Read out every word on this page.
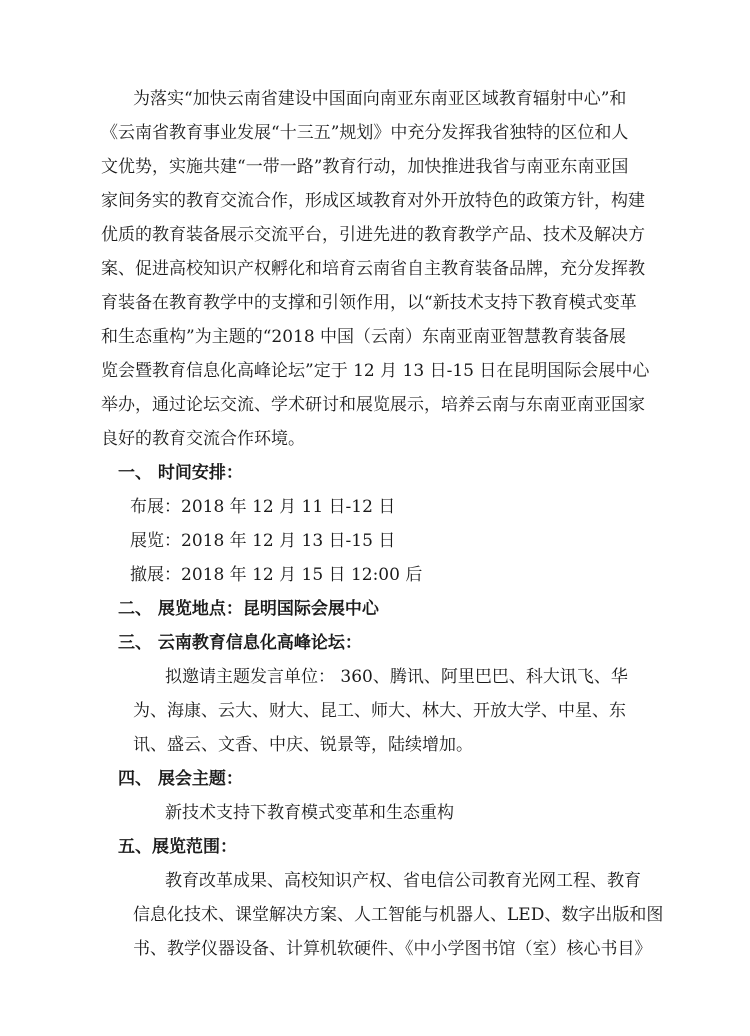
为落实“加快云南省建设中国面向南亚东南亚区域教育辐射中心”和
《云南省教育事业发展“十三五”规划》中充分发挥我省独特的区位和人
文优势，实施共建“一带一路”教育行动，加快推进我省与南亚东南亚国
家间务实的教育交流合作，形成区域教育对外开放特色的政策方针，构建
优质的教育装备展示交流平台，引进先进的教育教学产品、技术及解决方
案、促进高校知识产权孵化和培育云南省自主教育装备品牌，充分发挥教
育装备在教育教学中的支撑和引领作用，以“新技术支持下教育模式变革
和生态重构”为主题的“2018 中国（云南）东南亚南亚智慧教育装备展
览会暨教育信息化高峰论坛”定于 12 月 13 日-15 日在昆明国际会展中心
举办，通过论坛交流、学术研讨和展览展示，培养云南与东南亚南亚国家
良好的教育交流合作环境。
一、 时间安排：
布展：2018 年 12 月 11 日-12 日
展览：2018 年 12 月 13 日-15 日
撤展：2018 年 12 月 15 日 12:00 后
二、 展览地点：昆明国际会展中心
三、 云南教育信息化高峰论坛：
拟邀请主题发言单位： 360、腾讯、阿里巴巴、科大讯飞、华
为、海康、云大、财大、昆工、师大、林大、开放大学、中星、东
讯、盛云、文香、中庆、锐景等，陆续增加。
四、 展会主题：
新技术支持下教育模式变革和生态重构
五、展览范围：
教育改革成果、高校知识产权、省电信公司教育光网工程、教育
信息化技术、课堂解决方案、人工智能与机器人、LED、数字出版和图
书、教学仪器设备、计算机软硬件、《中小学图书馆（室）核心书目》
